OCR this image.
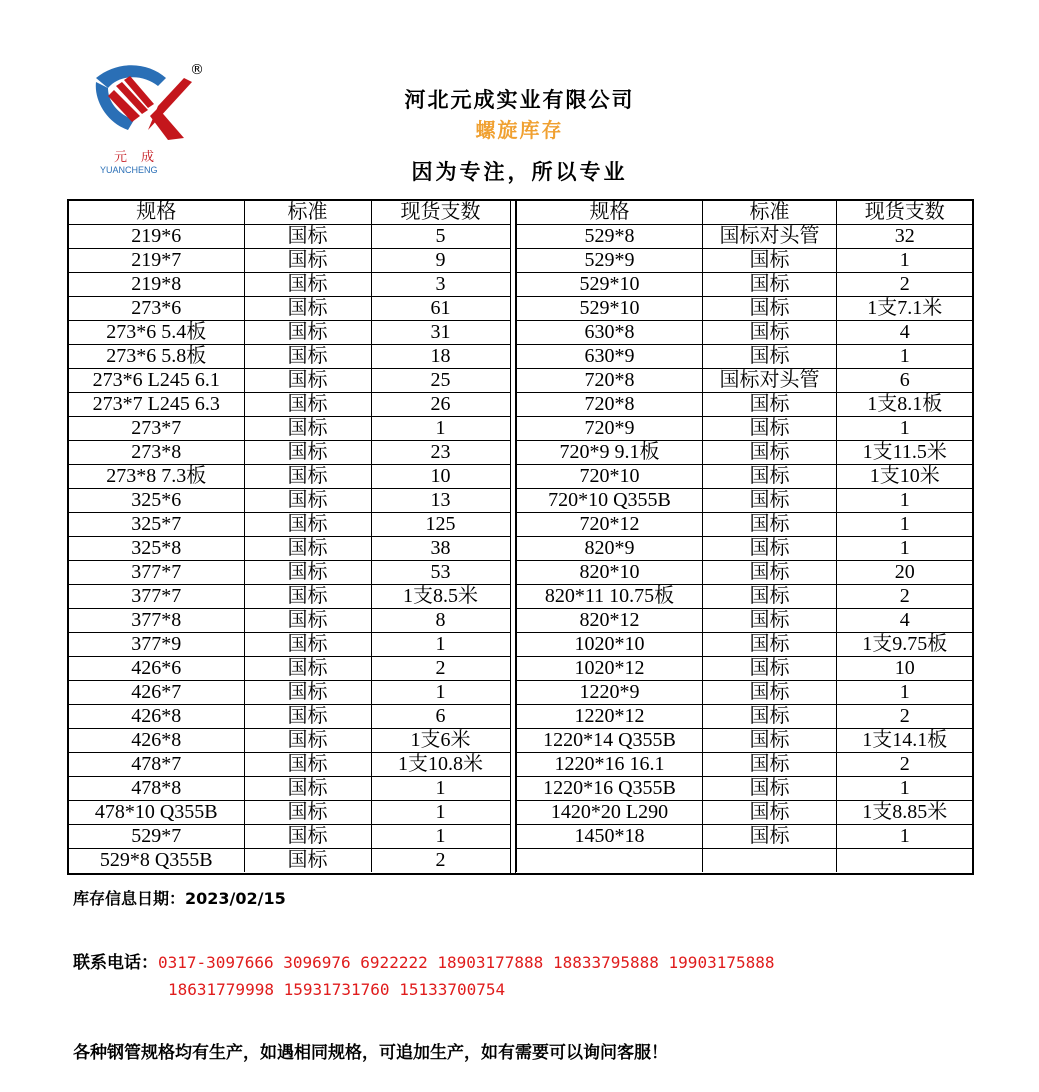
®
元成
YUANCHENG
河北元成实业有限公司
螺旋库存
因为专注，所以专业
规格	标准	现货支数
219*6	国标	5
219*7	国标	9
219*8	国标	3
273*6	国标	61
273*6 5.4板	国标	31
273*6 5.8板	国标	18
273*6 L245 6.1	国标	25
273*7 L245 6.3	国标	26
273*7	国标	1
273*8	国标	23
273*8 7.3板	国标	10
325*6	国标	13
325*7	国标	125
325*8	国标	38
377*7	国标	53
377*7	国标	1支8.5米
377*8	国标	8
377*9	国标	1
426*6	国标	2
426*7	国标	1
426*8	国标	6
426*8	国标	1支6米
478*7	国标	1支10.8米
478*8	国标	1
478*10 Q355B	国标	1
529*7	国标	1
529*8 Q355B	国标	2
规格	标准	现货支数
529*8	国标对头管	32
529*9	国标	1
529*10	国标	2
529*10	国标	1支7.1米
630*8	国标	4
630*9	国标	1
720*8	国标对头管	6
720*8	国标	1支8.1板
720*9	国标	1
720*9 9.1板	国标	1支11.5米
720*10	国标	1支10米
720*10 Q355B	国标	1
720*12	国标	1
820*9	国标	1
820*10	国标	20
820*11 10.75板	国标	2
820*12	国标	4
1020*10	国标	1支9.75板
1020*12	国标	10
1220*9	国标	1
1220*12	国标	2
1220*14 Q355B	国标	1支14.1板
1220*16 16.1	国标	2
1220*16 Q355B	国标	1
1420*20 L290	国标	1支8.85米
1450*18	国标	1

库存信息日期：2023/02/15
联系电话：0317-3097666 3096976 6922222 18903177888 18833795888 19903175888
18631779998 15931731760 15133700754
各种钢管规格均有生产，如遇相同规格，可追加生产，如有需要可以询问客服！
